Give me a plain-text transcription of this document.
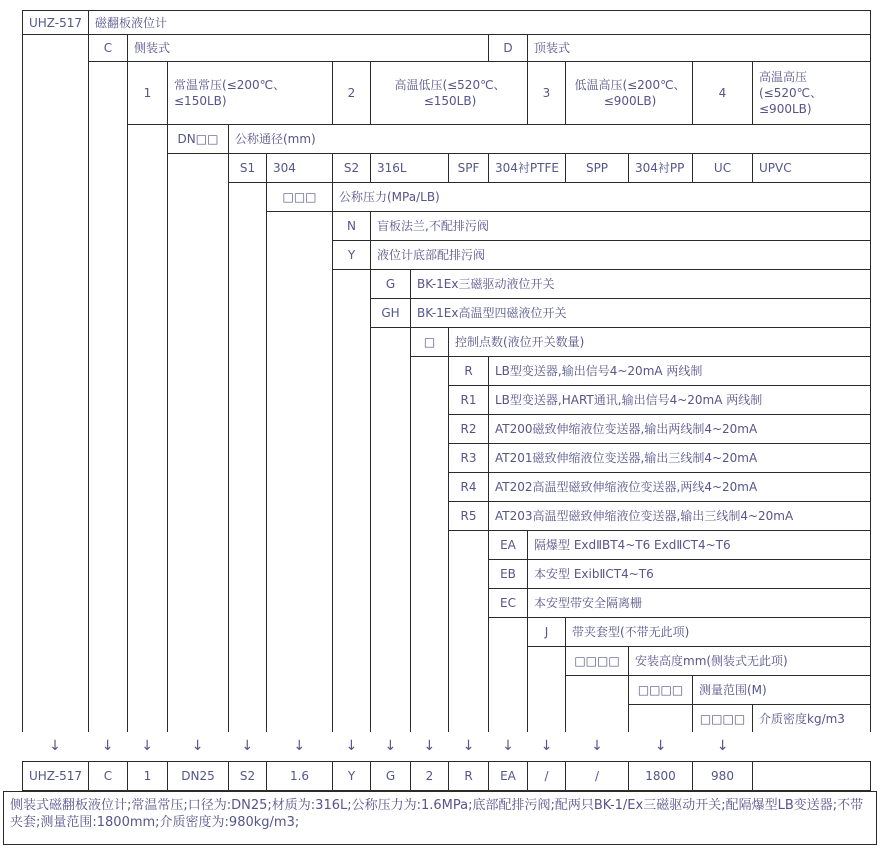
UHZ-517	磁翻板液位计														
	C	侧装式								D	顶装式				
		1	常温常压(≤200℃、≤150LB)			2	高温低压(≤520℃、≤150LB)				3	低温高压(≤200℃、≤900LB)		4	高温高压(≤520℃、≤900LB)
			DN□□	公称通径(mm)											
				S1	304	S2	316L		SPF	304衬PTFE		SPP	304衬PP	UC	UPVC
					□□□	公称压力(MPa/LB)									
						N	盲板法兰,不配排污阀								
						Y	液位计底部配排污阀								
							G	BK-1Ex三磁驱动液位开关							
							GH	BK-1Ex高温型四磁液位开关							
								□	控制点数(液位开关数量)						
									R	LB型变送器,输出信号4~20mA 两线制					
									R1	LB型变送器,HART通讯,输出信号4~20mA 两线制					
									R2	AT200磁致伸缩液位变送器,输出两线制4~20mA					
									R3	AT201磁致伸缩液位变送器,输出三线制4~20mA					
									R4	AT202高温型磁致伸缩液位变送器,两线4~20mA					
									R5	AT203高温型磁致伸缩液位变送器,输出三线制4~20mA					
										EA	隔爆型 ExdⅡBT4~T6 ExdⅡCT4~T6				
										EB	本安型 ExibⅡCT4~T6				
										EC	本安型带安全隔离栅				
											J	带夹套型(不带无此项)			
												□□□□	安装高度mm(侧装式无此项)		
													□□□□	测量范围(M)	
														□□□□	介质密度kg/m3
↓	↓	↓	↓	↓	↓	↓	↓	↓	↓	↓	↓	↓	↓	↓	
UHZ-517	C	1	DN25	S2	1.6	Y	G	2	R	EA	/	/	1800	980	
侧装式磁翻板液位计;常温常压;口径为:DN25;材质为:316L;公称压力为:1.6MPa;底部配排污阀;配两只BK-1/Ex三磁驱动开关;配隔爆型LB变送器;不带夹套;测量范围:1800mm;介质密度为:980kg/m3;
